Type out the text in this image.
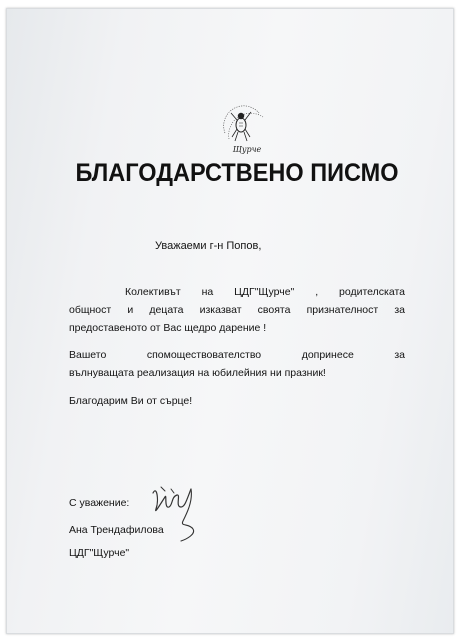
Щурче
БЛАГОДАРСТВЕНО ПИСМО
Уважаеми г-н Попов,
Колективът на ЦДГ"Щурче" , родителската
общност и децата изказват своята признателност за
предоставеното от Вас щедро дарение !
Вашето спомоществователство допринесе за
вълнуващата реализация на юбилейния ни празник!
Благодарим Ви от сърце!
С уважение:
Ана Трендафилова
ЦДГ"Щурче"
